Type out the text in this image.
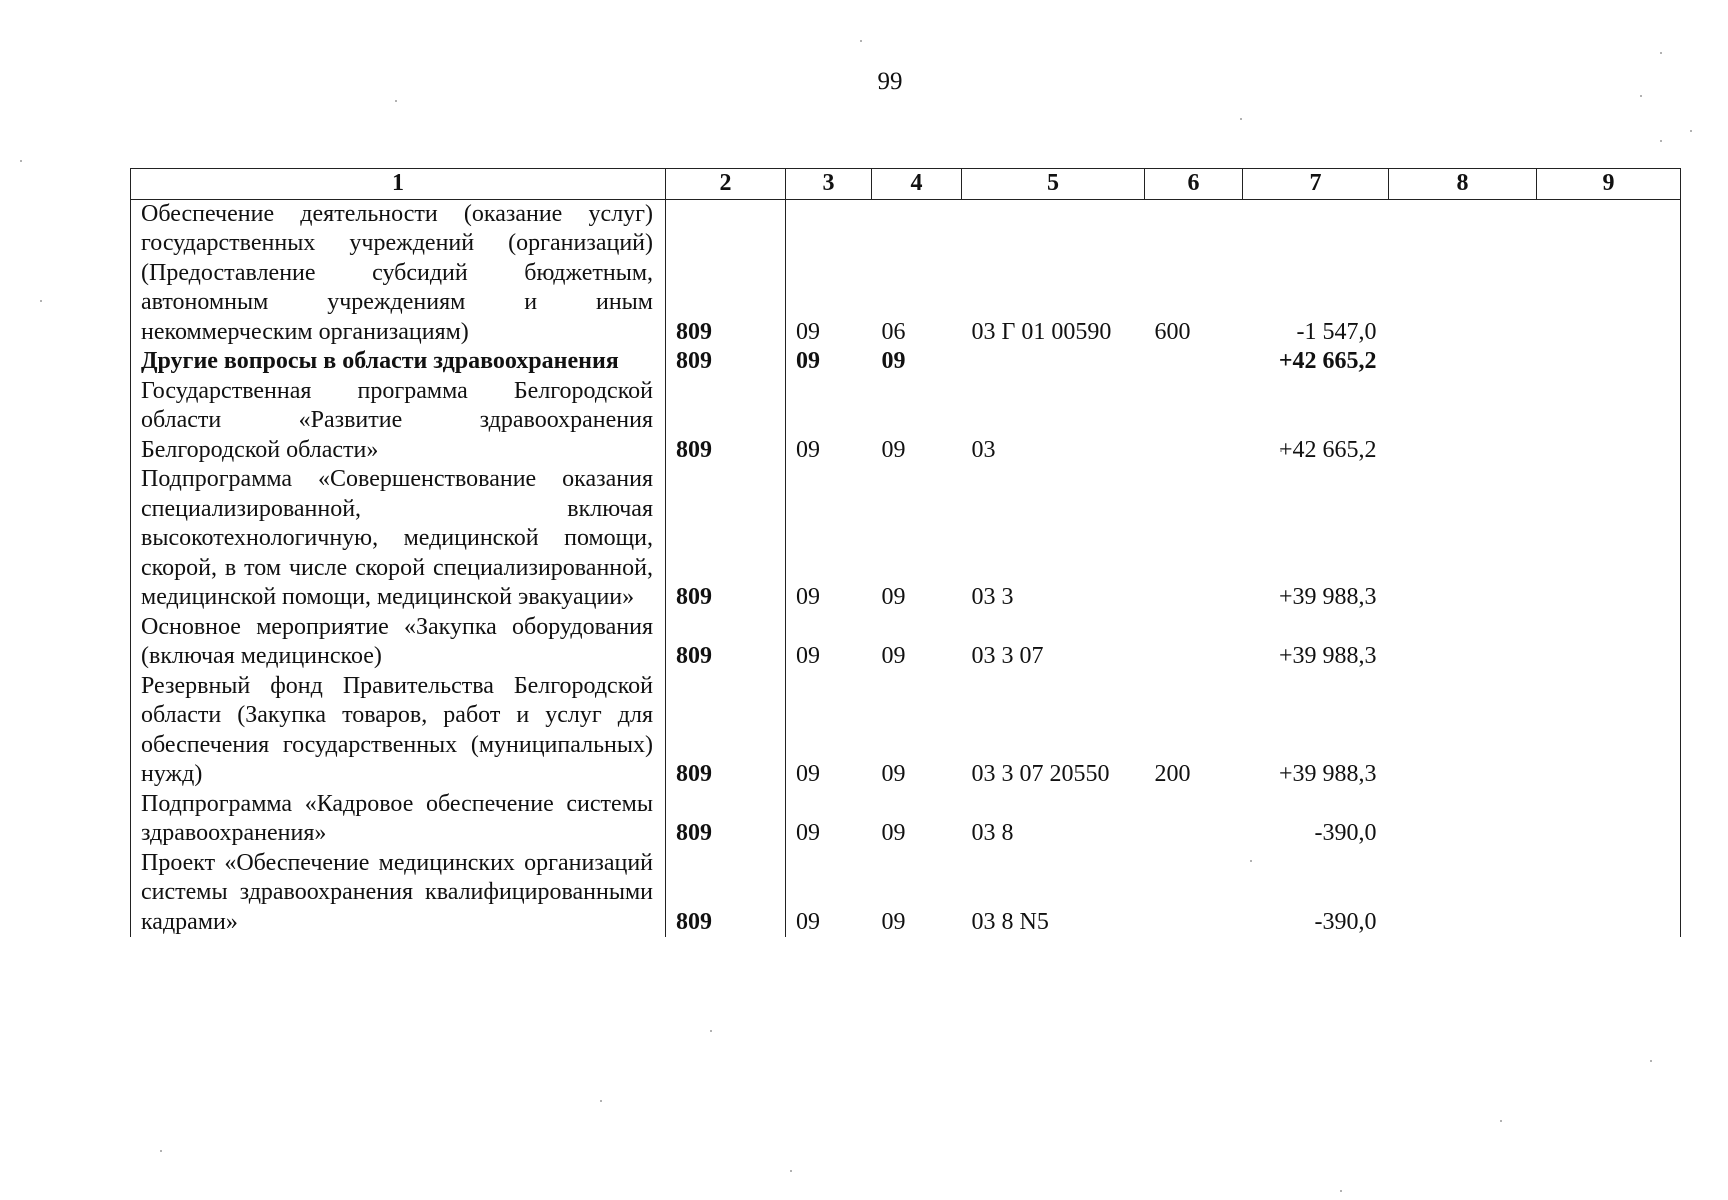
99
1	2	3	4	5	6	7	8	9
Обеспечение деятельности (оказание услуг) государственных учреждений (организаций) (Предоставление субсидий бюджетным, автономным учреждениям и иным некоммерческим организациям)	809	09	06	03 Г 01 00590	600	-1 547,0		
Другие вопросы в области здравоохранения	809	09	09			+42 665,2		
Государственная программа Белгородской области «Развитие здравоохранения Белгородской области»	809	09	09	03		+42 665,2		
Подпрограмма «Совершенствование оказания специализированной, включая высокотехнологичную, медицинской помощи, скорой, в том числе скорой специализированной, медицинской помощи, медицинской эвакуации»	809	09	09	03 3		+39 988,3		
Основное мероприятие «Закупка оборудования (включая медицинское)	809	09	09	03 3 07		+39 988,3		
Резервный фонд Правительства Белгородской области (Закупка товаров, работ и услуг для обеспечения государственных (муниципальных) нужд)	809	09	09	03 3 07 20550	200	+39 988,3		
Подпрограмма «Кадровое обеспечение системы здравоохранения»	809	09	09	03 8		-390,0		
Проект «Обеспечение медицинских организаций системы здравоохранения квалифицированными кадрами»	809	09	09	03 8 N5		-390,0		
